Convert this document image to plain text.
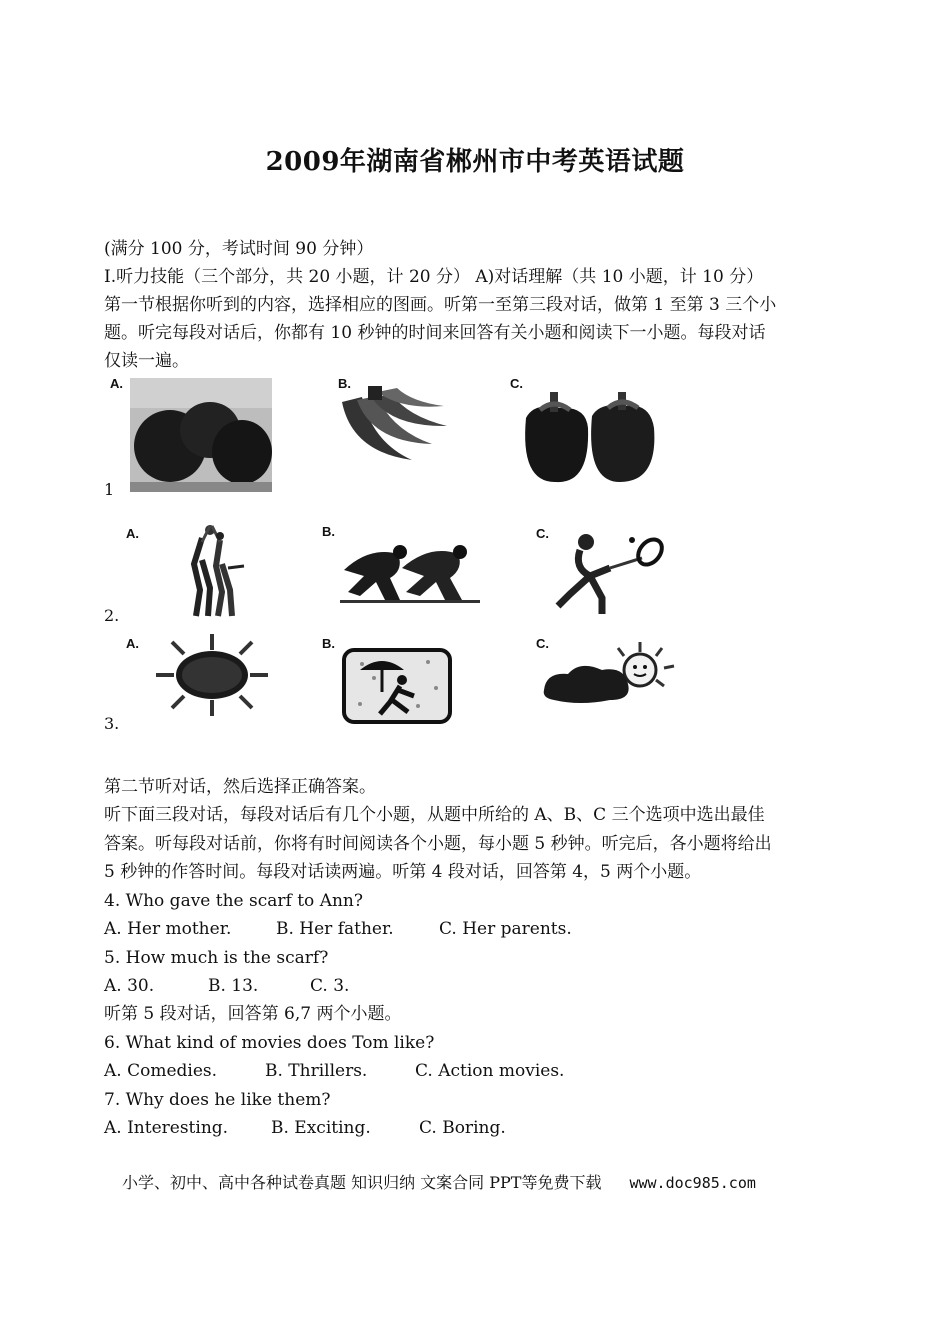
2009年湖南省郴州市中考英语试题
(满分 100 分，考试时间 90 分钟）
I.听力技能（三个部分，共 20 小题，计 20 分） A)对话理解（共 10 小题，计 10 分）
第一节根据你听到的内容，选择相应的图画。听第一至第三段对话，做第 1 至第 3 三个小
题。听完每段对话后，你都有 10 秒钟的时间来回答有关小题和阅读下一小题。每段对话
仅读一遍。
A.	B.	C.
1
A.	B.	C.
2.
A.	B.	C.
3.
第二节听对话，然后选择正确答案。
听下面三段对话，每段对话后有几个小题，从题中所给的 A、B、C 三个选项中选出最佳
答案。听每段对话前，你将有时间阅读各个小题，每小题 5 秒钟。听完后，各小题将给出
5 秒钟的作答时间。每段对话读两遍。听第 4 段对话，回答第 4，5 两个小题。
4. Who gave the scarf to Ann?
A. Her mother.	B. Her father.	C. Her parents.
5. How much is the scarf?
A. 30.	B. 13.	C. 3.
听第 5 段对话，回答第 6,7 两个小题。
6. What kind of movies does Tom like?
A. Comedies.	B. Thrillers.	C. Action movies.
7. Why does he like them?
A. Interesting.	B. Exciting.	C. Boring.
小学、初中、高中各种试卷真题 知识归纳 文案合同 PPT等免费下载 www.doc985.com
